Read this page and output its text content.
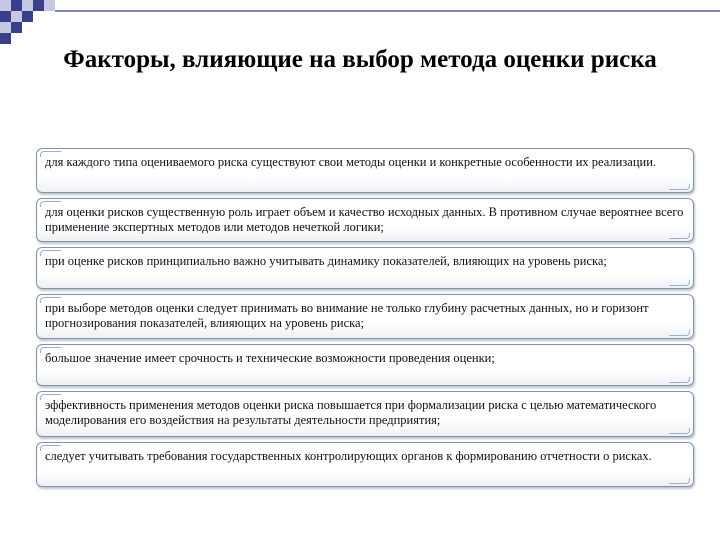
Факторы, влияющие на выбор метода оценки риска
для каждого типа оцениваемого риска существуют свои методы оценки и конкретные особенности их реализации.
для оценки рисков существенную роль играет объем и качество исходных данных. В противном случае вероятнее всего применение экспертных методов или методов нечеткой логики;
при оценке рисков принципиально важно учитывать динамику показателей, влияющих на уровень риска;
при выборе методов оценки следует принимать во внимание не только глубину расчетных данных, но и горизонт прогнозирования показателей, влияющих на уровень риска;
большое значение имеет срочность и технические возможности проведения оценки;
эффективность применения методов оценки риска повышается при формализации риска с целью математического моделирования его воздействия на результаты деятельности предприятия;
следует учитывать требования государственных контролирующих органов к формированию отчетности о рисках.
